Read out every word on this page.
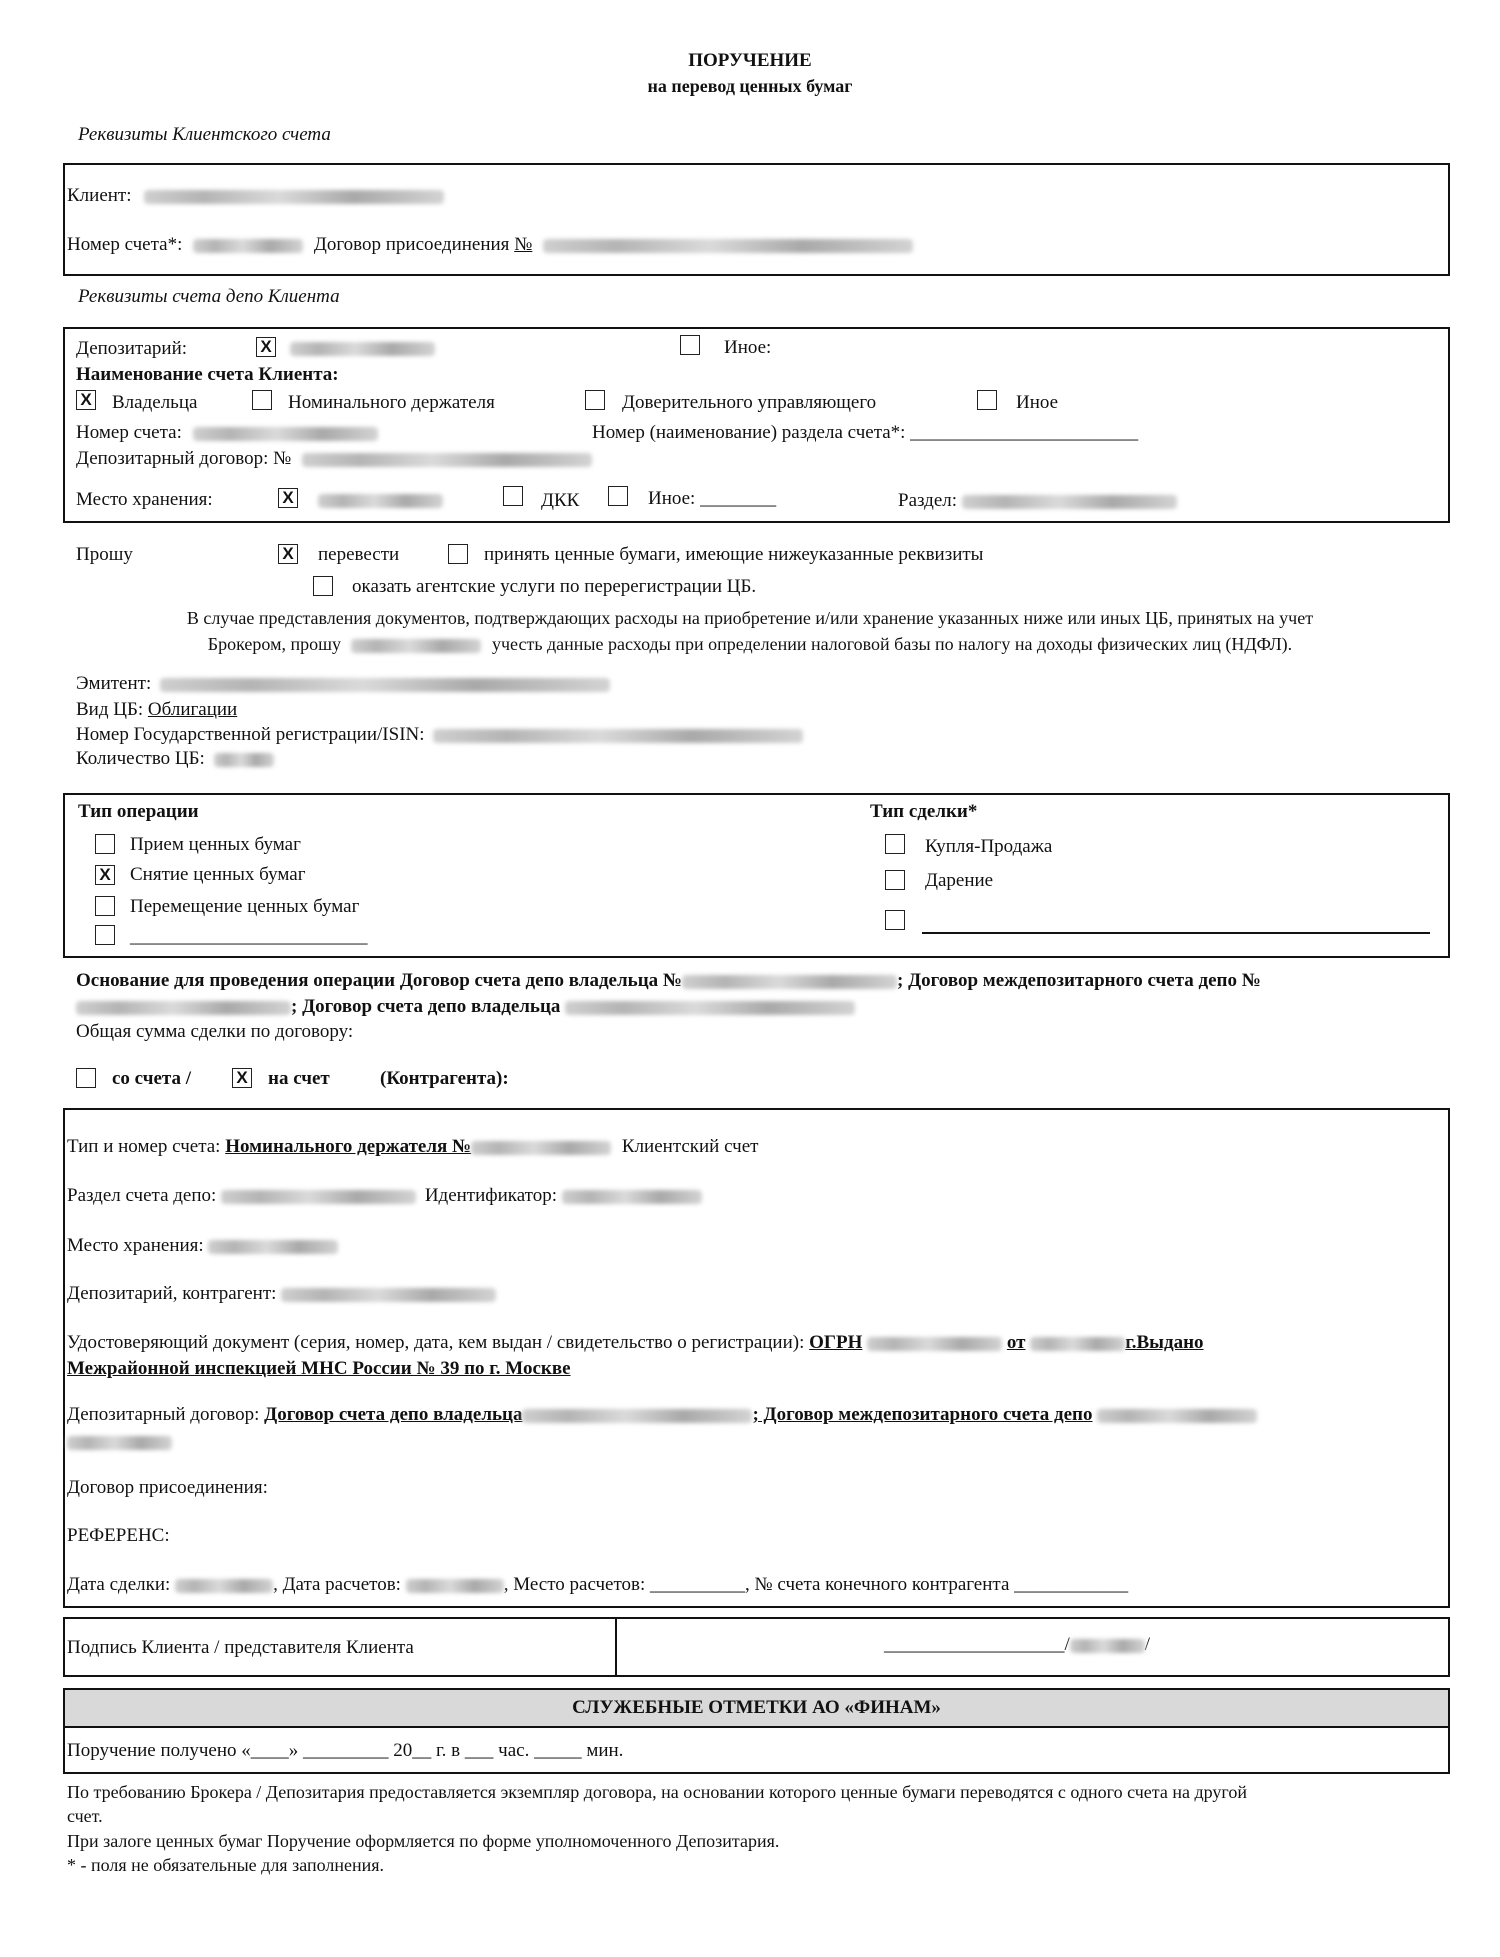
ПОРУЧЕНИЕ
на перевод ценных бумаг
Реквизиты Клиентского счета
Клиент:
Номер счета*:	Договор присоединения №
Реквизиты счета депо Клиента
Депозитарий:	X	Иное:
Наименование счета Клиента:
X Владельца	Номинального держателя	Доверительного управляющего	Иное
Номер счета:	Номер (наименование) раздела счета*: ________________________
Депозитарный договор: №
Место хранения:	X	ДКК	Иное: ________	Раздел:
Прошу	X перевести	принять ценные бумаги, имеющие нижеуказанные реквизиты
оказать агентские услуги по перерегистрации ЦБ.
В случае представления документов, подтверждающих расходы на приобретение и/или хранение указанных ниже или иных ЦБ, принятых на учет
Брокером, прошу	учесть данные расходы при определении налоговой базы по налогу на доходы физических лиц (НДФЛ).
Эмитент:
Вид ЦБ: Облигации
Номер Государственной регистрации/ISIN:
Количество ЦБ:
Тип операции	Тип сделки*
Прием ценных бумаг
X Снятие ценных бумаг
Перемещение ценных бумаг
_________________________
Купля-Продажа
Дарение
Основание для проведения операции Договор счета депо владельца №	; Договор междепозитарного счета депо №
; Договор счета депо владельца
Общая сумма сделки по договору:
со счета /	X на счет	(Контрагента):
Тип и номер счета: Номинального держателя №	Клиентский счет
Раздел счета депо:	Идентификатор:
Место хранения:
Депозитарий, контрагент:
Удостоверяющий документ (серия, номер, дата, кем выдан / свидетельство о регистрации): ОГРН	от	г.Выдано
Межрайонной инспекцией МНС России № 39 по г. Москве
Депозитарный договор: Договор счета депо владельца	; Договор междепозитарного счета депо
Договор присоединения:
РЕФЕРЕНС:
Дата сделки:	, Дата расчетов:	, Место расчетов: __________, № счета конечного контрагента ____________
Подпись Клиента / представителя Клиента	___________________/	/
СЛУЖЕБНЫЕ ОТМЕТКИ АО «ФИНАМ»
Поручение получено «____» _________ 20__ г. в ___ час. _____ мин.
По требованию Брокера / Депозитария предоставляется экземпляр договора, на основании которого ценные бумаги переводятся с одного счета на другой
счет.
При залоге ценных бумаг Поручение оформляется по форме уполномоченного Депозитария.
* - поля не обязательные для заполнения.
